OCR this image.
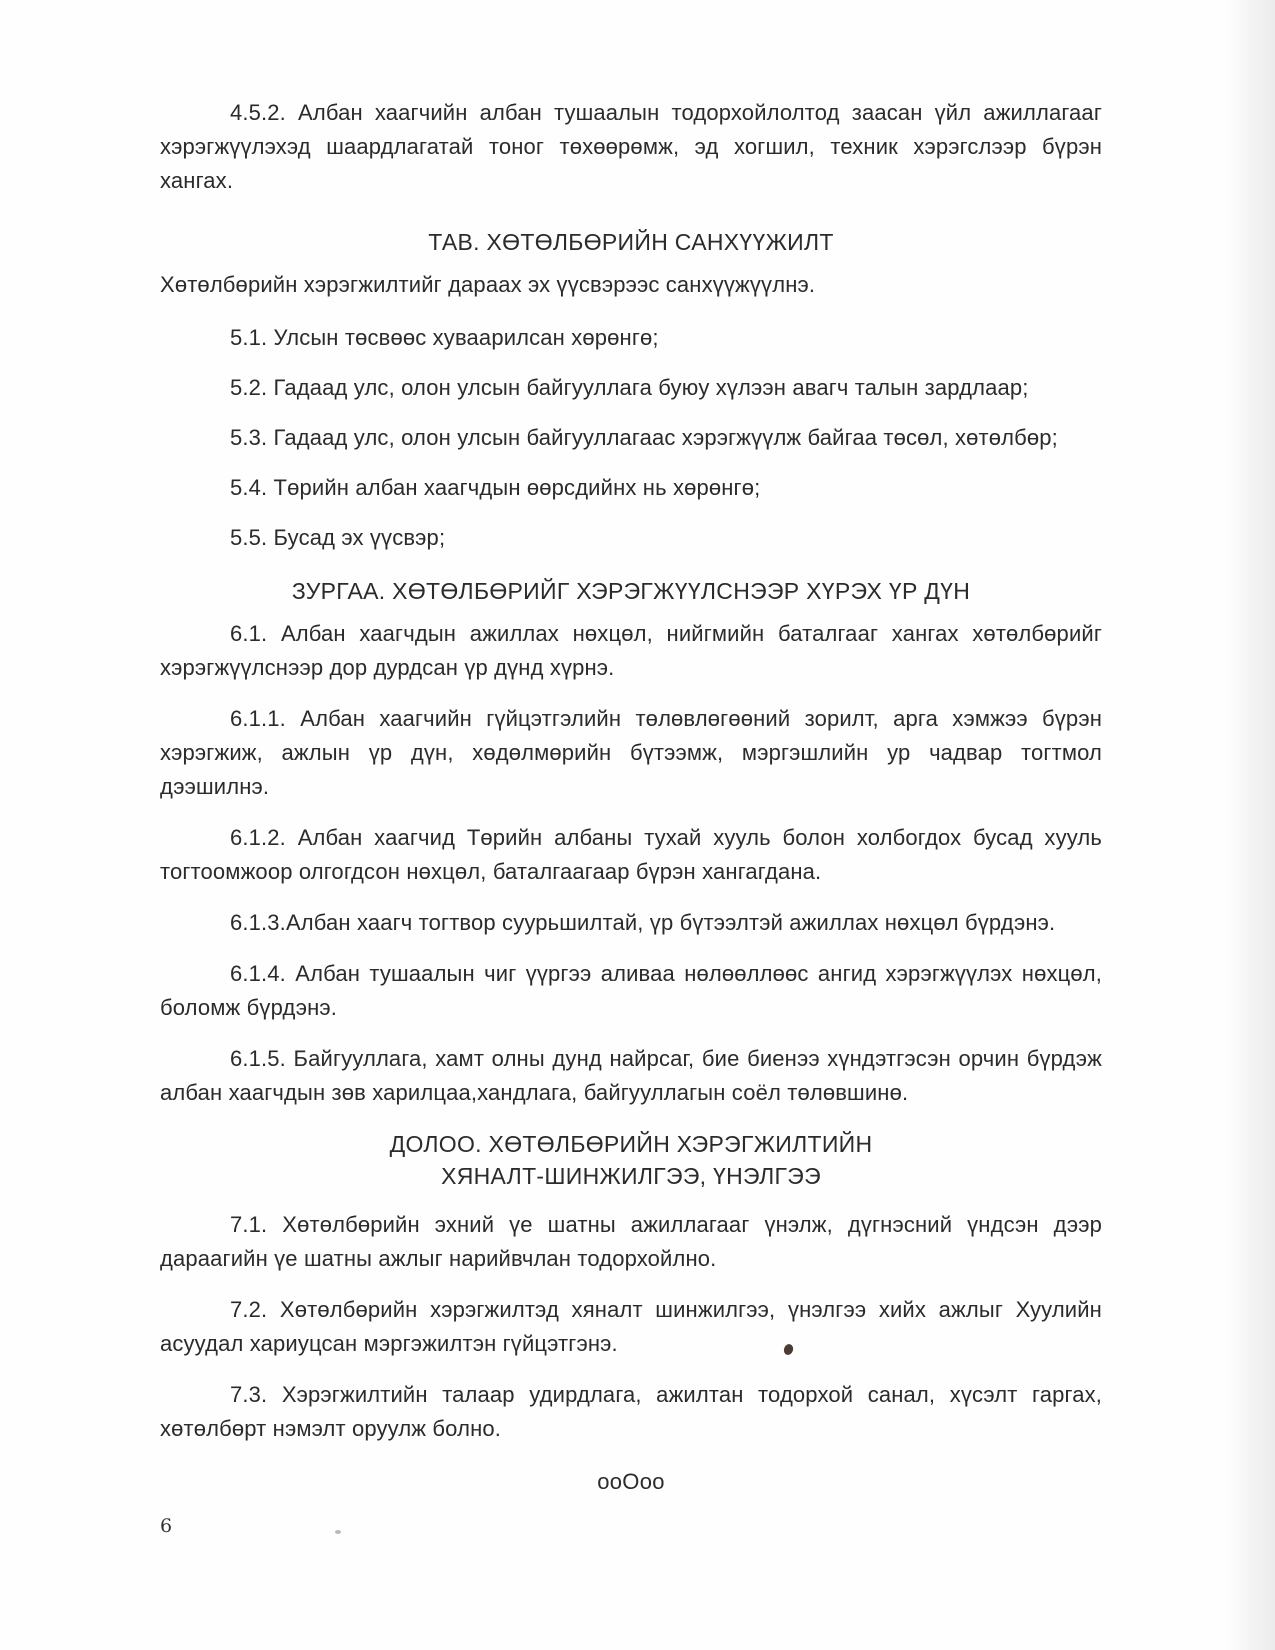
4.5.2. Албан хаагчийн албан тушаалын тодорхойлолтод заасан үйл ажиллагааг хэрэгжүүлэхэд шаардлагатай тоног төхөөрөмж, эд хогшил, техник хэрэгслээр бүрэн хангах.

ТАВ. ХӨТӨЛБӨРИЙН САНХҮҮЖИЛТ

Хөтөлбөрийн хэрэгжилтийг дараах эх үүсвэрээс санхүүжүүлнэ.

5.1. Улсын төсвөөс хуваарилсан хөрөнгө;

5.2. Гадаад улс, олон улсын байгууллага буюу хүлээн авагч талын зардлаар;

5.3. Гадаад улс, олон улсын байгууллагаас хэрэгжүүлж байгаа төсөл, хөтөлбөр;

5.4. Төрийн албан хаагчдын өөрсдийнх нь хөрөнгө;

5.5. Бусад эх үүсвэр;

ЗУРГАА. ХӨТӨЛБӨРИЙГ ХЭРЭГЖҮҮЛСНЭЭР ХҮРЭХ ҮР ДҮН

6.1. Албан хаагчдын ажиллах нөхцөл, нийгмийн баталгааг хангах хөтөлбөрийг хэрэгжүүлснээр дор дурдсан үр дүнд хүрнэ.

6.1.1. Албан хаагчийн гүйцэтгэлийн төлөвлөгөөний зорилт, арга хэмжээ бүрэн хэрэгжиж, ажлын үр дүн, хөдөлмөрийн бүтээмж, мэргэшлийн ур чадвар тогтмол дээшилнэ.

6.1.2. Албан хаагчид Төрийн албаны тухай хууль болон холбогдох бусад хууль тогтоомжоор олгогдсон нөхцөл, баталгаагаар бүрэн хангагдана.

6.1.3.Албан хаагч тогтвор суурьшилтай, үр бүтээлтэй ажиллах нөхцөл бүрдэнэ.

6.1.4. Албан тушаалын чиг үүргээ аливаа нөлөөллөөс ангид хэрэгжүүлэх нөхцөл, боломж бүрдэнэ.

6.1.5. Байгууллага, хамт олны дунд найрсаг, бие биенээ хүндэтгэсэн орчин бүрдэж албан хаагчдын зөв харилцаа,хандлага, байгууллагын соёл төлөвшинө.

ДОЛОО. ХӨТӨЛБӨРИЙН ХЭРЭГЖИЛТИЙН

ХЯНАЛТ-ШИНЖИЛГЭЭ, ҮНЭЛГЭЭ

7.1. Хөтөлбөрийн эхний үе шатны ажиллагааг үнэлж, дүгнэсний үндсэн дээр дараагийн үе шатны ажлыг нарийвчлан тодорхойлно.

7.2. Хөтөлбөрийн хэрэгжилтэд хяналт шинжилгээ, үнэлгээ хийх ажлыг Хуулийн асуудал хариуцсан мэргэжилтэн гүйцэтгэнэ.

7.3. Хэрэгжилтийн талаар удирдлага, ажилтан тодорхой санал, хүсэлт гаргах, хөтөлбөрт нэмэлт оруулж болно.

ooOoo

6
